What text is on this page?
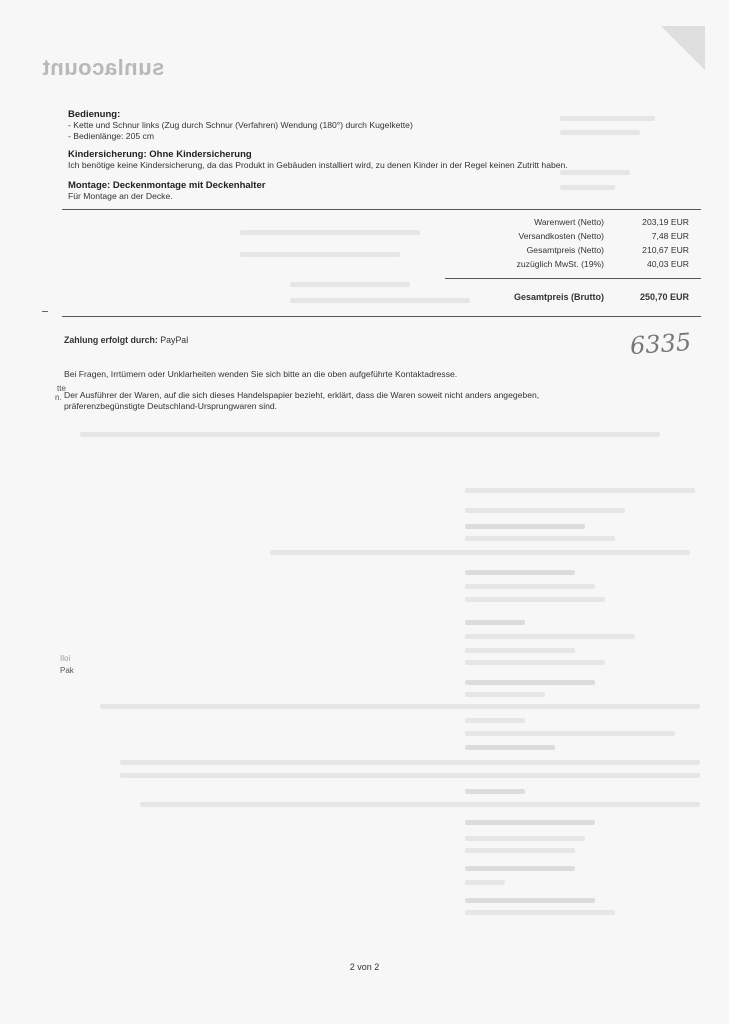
sunlacount
Bedienung:
- Kette und Schnur links (Zug durch Schnur (Verfahren) Wendung (180°) durch Kugelkette)
- Bedienlänge: 205 cm
Kindersicherung: Ohne Kindersicherung
Ich benötige keine Kindersicherung, da das Produkt in Gebäuden installiert wird, zu denen Kinder in der Regel keinen Zutritt haben.
Montage: Deckenmontage mit Deckenhalter
Für Montage an der Decke.
Warenwert (Netto)	203,19 EUR
Versandkosten (Netto)	7,48 EUR
Gesamtpreis (Netto)	210,67 EUR
zuzüglich MwSt. (19%)	40,03 EUR
Gesamtpreis (Brutto)	250,70 EUR
Zahlung erfolgt durch: PayPal	6335
Bei Fragen, Irrtümern oder Unklarheiten wenden Sie sich bitte an die oben aufgeführte Kontaktadresse.
Der Ausführer der Waren, auf die sich dieses Handelspapier bezieht, erklärt, dass die Waren soweit nicht anders angegeben,
präferenzbegünstigte Deutschland-Ursprungwaren sind.
tte
n.
Iloi
Pak
2 von 2
